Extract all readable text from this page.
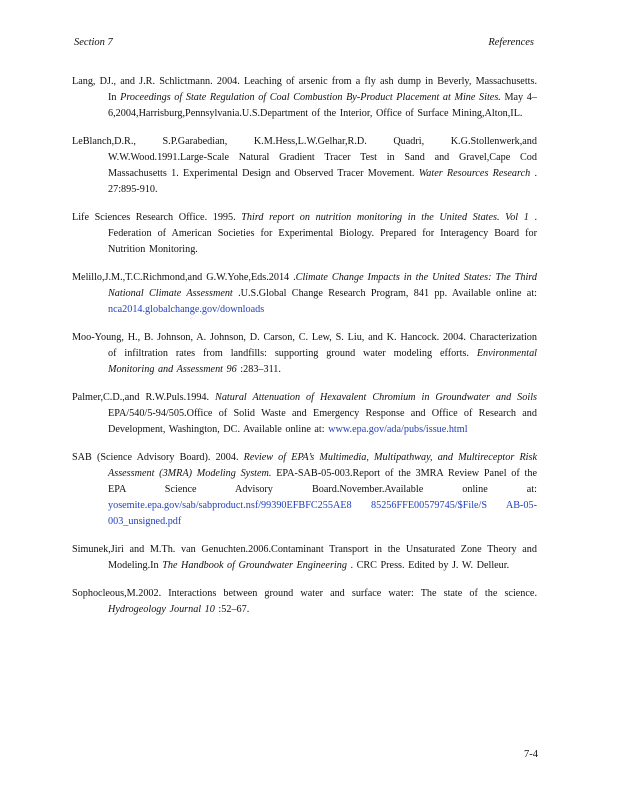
Section 7	References

Lang, DJ., and J.R. Schlictmann. 2004. Leaching of arsenic from a fly ash dump in Beverly, Massachusetts. In Proceedings of State Regulation of Coal Combustion By-Product Placement at Mine Sites. May 4–6,2004,Harrisburg,Pennsylvania.U.S.Department of the Interior, Office of Surface Mining,Alton,IL.

LeBlanch,D.R., S.P.Garabedian, K.M.Hess,L.W.Gelhar,R.D. Quadri, K.G.Stollenwerk,and W.W.Wood.1991.Large-Scale Natural Gradient Tracer Test in Sand and Gravel,Cape Cod Massachusetts 1. Experimental Design and Observed Tracer Movement. Water Resources Research . 27:895-910.

Life Sciences Research Office. 1995. Third report on nutrition monitoring in the United States. Vol 1 . Federation of American Societies for Experimental Biology. Prepared for Interagency Board for Nutrition Monitoring.

Melillo,J.M.,T.C.Richmond,and G.W.Yohe,Eds.2014 .Climate Change Impacts in the United States: The Third National Climate Assessment .U.S.Global Change Research Program, 841 pp. Available online at: nca2014.globalchange.gov/downloads

Moo-Young, H., B. Johnson, A. Johnson, D. Carson, C. Lew, S. Liu, and K. Hancock. 2004. Characterization of infiltration rates from landfills: supporting ground water modeling efforts. Environmental Monitoring and Assessment 96 :283–311.

Palmer,C.D.,and R.W.Puls.1994. Natural Attenuation of Hexavalent Chromium in Groundwater and Soils EPA/540/5-94/505.Office of Solid Waste and Emergency Response and Office of Research and Development, Washington, DC. Available online at: www.epa.gov/ada/pubs/issue.html

SAB (Science Advisory Board). 2004. Review of EPA’s Multimedia, Multipathway, and Multireceptor Risk Assessment (3MRA) Modeling System. EPA-SAB-05-003.Report of the 3MRA Review Panel of the EPA Science Advisory Board.November.Available online at: yosemite.epa.gov/sab/sabproduct.nsf/99390EFBFC255AE8 85256FFE00579745/$File/S AB-05-003_unsigned.pdf

Simunek,Jiri and M.Th. van Genuchten.2006.Contaminant Transport in the Unsaturated Zone Theory and Modeling.In The Handbook of Groundwater Engineering . CRC Press. Edited by J. W. Delleur.

Sophocleous,M.2002. Interactions between ground water and surface water: The state of the science. Hydrogeology Journal 10 :52–67.

7-4
